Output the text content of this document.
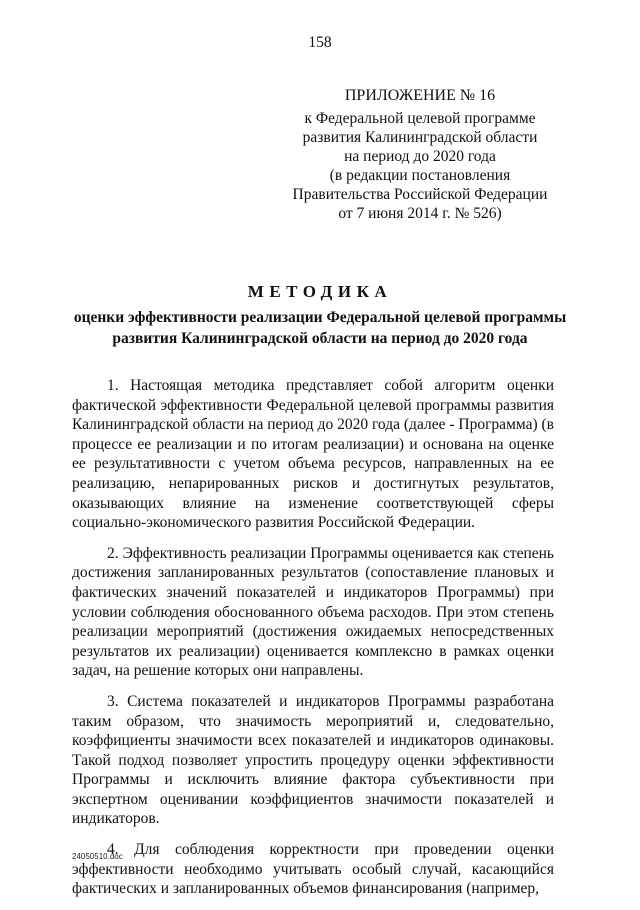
158
ПРИЛОЖЕНИЕ № 16
к Федеральной целевой программе
развития Калининградской области
на период до 2020 года
(в редакции постановления
Правительства Российской Федерации
от 7 июня 2014 г. № 526)
МЕТОДИКА
оценки эффективности реализации Федеральной целевой программы
развития Калининградской области на период до 2020 года

1. Настоящая методика представляет собой алгоритм оценки фактической эффективности Федеральной целевой программы развития Калининградской области на период до 2020 года (далее - Программа) (в процессе ее реализации и по итогам реализации) и основана на оценке ее результативности с учетом объема ресурсов, направленных на ее реализацию, непарированных рисков и достигнутых результатов, оказывающих влияние на изменение соответствующей сферы социально-экономического развития Российской Федерации.

2. Эффективность реализации Программы оценивается как степень достижения запланированных результатов (сопоставление плановых и фактических значений показателей и индикаторов Программы) при условии соблюдения обоснованного объема расходов. При этом степень реализации мероприятий (достижения ожидаемых непосредственных результатов их реализации) оценивается комплексно в рамках оценки задач, на решение которых они направлены.

3. Система показателей и индикаторов Программы разработана таким образом, что значимость мероприятий и, следовательно, коэффициенты значимости всех показателей и индикаторов одинаковы. Такой подход позволяет упростить процедуру оценки эффективности Программы и исключить влияние фактора субъективности при экспертном оценивании коэффициентов значимости показателей и индикаторов.

4. Для соблюдения корректности при проведении оценки эффективности необходимо учитывать особый случай, касающийся фактических и запланированных объемов финансирования (например,

24050510.doc
